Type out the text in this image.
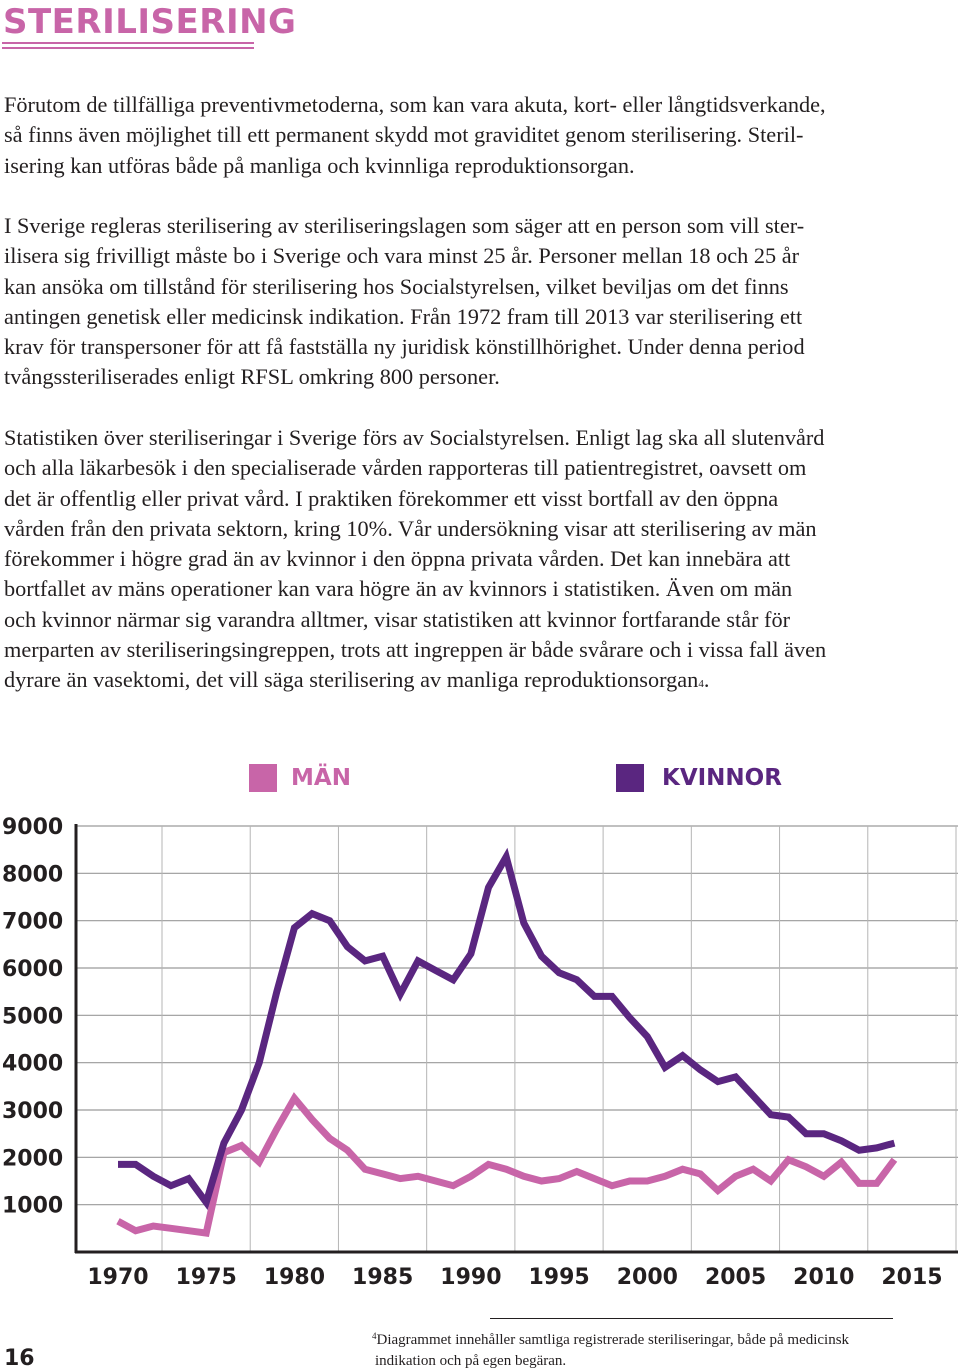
STERILISERING

Förutom de tillfälliga preventivmetoderna, som kan vara akuta, kort- eller långtidsverkande,
så finns även möjlighet till ett permanent skydd mot graviditet genom sterilisering. Steril-
isering kan utföras både på manliga och kvinnliga reproduktionsorgan.

I Sverige regleras sterilisering av steriliseringslagen som säger att en person som vill ster-
ilisera sig frivilligt måste bo i Sverige och vara minst 25 år. Personer mellan 18 och 25 år
kan ansöka om tillstånd för sterilisering hos Socialstyrelsen, vilket beviljas om det finns
antingen genetisk eller medicinsk indikation. Från 1972 fram till 2013 var sterilisering ett
krav för transpersoner för att få fastställa ny juridisk könstillhörighet. Under denna period
tvångssteriliserades enligt RFSL omkring 800 personer.

Statistiken över steriliseringar i Sverige förs av Socialstyrelsen. Enligt lag ska all slutenvård
och alla läkarbesök i den specialiserade vården rapporteras till patientregistret, oavsett om
det är offentlig eller privat vård. I praktiken förekommer ett visst bortfall av den öppna
vården från den privata sektorn, kring 10%. Vår undersökning visar att sterilisering av män
förekommer i högre grad än av kvinnor i den öppna privata vården. Det kan innebära att
bortfallet av mäns operationer kan vara högre än av kvinnors i statistiken. Även om män
och kvinnor närmar sig varandra alltmer, visar statistiken att kvinnor fortfarande står för
merparten av steriliseringsingreppen, trots att ingreppen är både svårare och i vissa fall även
dyrare än vasektomi, det vill säga sterilisering av manliga reproduktionsorgan4.

MÄN	KVINNOR
1000
2000
3000
4000
5000
6000
7000
8000
9000
1970 1975 1980 1985 1990 1995 2000 2005 2010 2015
16

$^4$Diagrammet innehåller samtliga registrerade steriliseringar, både på medicinsk
indikation och på egen begäran.
